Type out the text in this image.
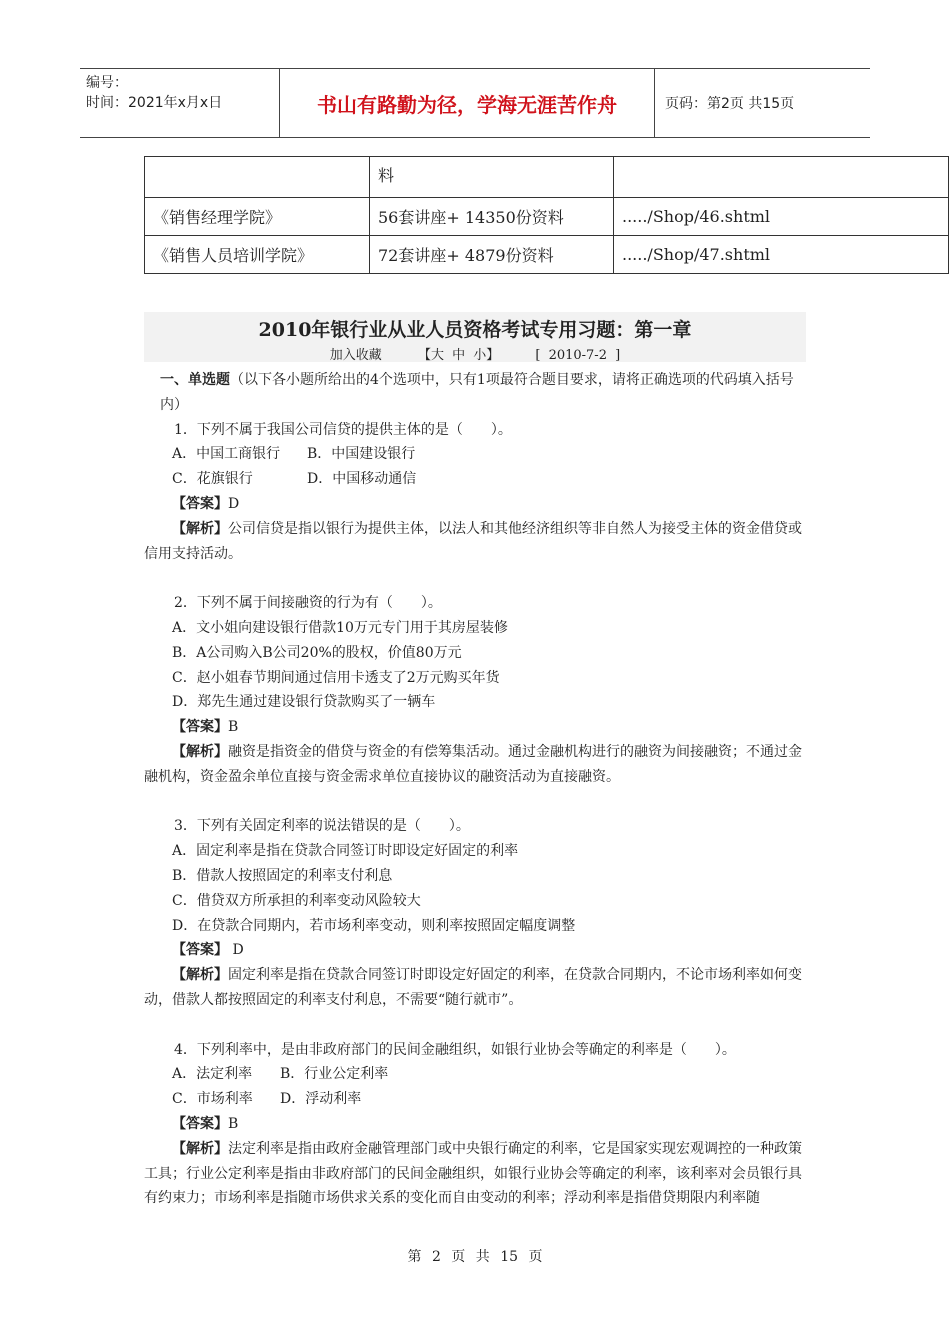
编号：
时间：2021年x月x日	书山有路勤为径，学海无涯苦作舟	页码：第2页 共15页
	料	
《销售经理学院》	56套讲座+ 14350份资料	...../Shop/46.shtml
《销售人员培训学院》	72套讲座+ 4879份资料	...../Shop/47.shtml
2010年银行业从业人员资格考试专用习题：第一章
加入收藏	【大 中 小】	[ 2010-7-2 ]

一、单选题（以下各小题所给出的4个选项中，只有1项最符合题目要求，请将正确选项的代码填入括号内）

1．下列不属于我国公司信贷的提供主体的是（　　）。

A．中国工商银行 B．中国建设银行

C．花旗银行	D．中国移动通信

【答案】D

【解析】公司信贷是指以银行为提供主体，以法人和其他经济组织等非自然人为接受主体的资金借贷或信用支持活动。

2．下列不属于间接融资的行为有（　　）。

A．文小姐向建设银行借款10万元专门用于其房屋装修

B．A公司购入B公司20%的股权，价值80万元

C．赵小姐春节期间通过信用卡透支了2万元购买年货

D．郑先生通过建设银行贷款购买了一辆车

【答案】B

【解析】融资是指资金的借贷与资金的有偿筹集活动。通过金融机构进行的融资为间接融资；不通过金融机构，资金盈余单位直接与资金需求单位直接协议的融资活动为直接融资。

3．下列有关固定利率的说法错误的是（　　）。

A．固定利率是指在贷款合同签订时即设定好固定的利率

B．借款人按照固定的利率支付利息

C．借贷双方所承担的利率变动风险较大

D．在贷款合同期内，若市场利率变动，则利率按照固定幅度调整

【答案】 D

【解析】固定利率是指在贷款合同签订时即设定好固定的利率，在贷款合同期内，不论市场利率如何变动，借款人都按照固定的利率支付利息，不需要“随行就市”。

4．下列利率中，是由非政府部门的民间金融组织，如银行业协会等确定的利率是（　　）。

A．法定利率 B．行业公定利率

C．市场利率 D．浮动利率

【答案】B

【解析】法定利率是指由政府金融管理部门或中央银行确定的利率，它是国家实现宏观调控的一种政策工具；行业公定利率是指由非政府部门的民间金融组织，如银行业协会等确定的利率，该利率对会员银行具有约束力；市场利率是指随市场供求关系的变化而自由变动的利率；浮动利率是指借贷期限内利率随

第 2 页 共 15 页
